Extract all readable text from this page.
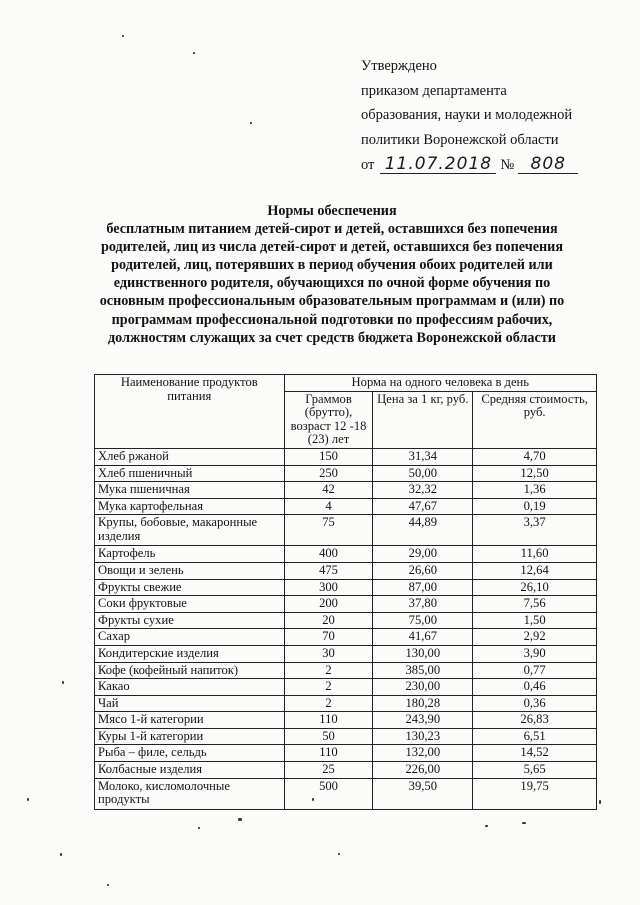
Утверждено
приказом департамента
образования, науки и молодежной
политики Воронежской области
от 11.07.2018 № 808
Нормы обеспечения
бесплатным питанием детей-сирот и детей, оставшихся без попечения
родителей, лиц из числа детей-сирот и детей, оставшихся без попечения
родителей, лиц, потерявших в период обучения обоих родителей или
единственного родителя, обучающихся по очной форме обучения по
основным профессиональным образовательным программам и (или) по
программам профессиональной подготовки по профессиям рабочих,
должностям служащих за счет средств бюджета Воронежской области
Наименование продуктов питания	Норма на одного человека в день		
	Граммов (брутто), возраст 12 -18 (23) лет	Цена за 1 кг, руб.	Средняя стоимость, руб.
Хлеб ржаной	150	31,34	4,70
Хлеб пшеничный	250	50,00	12,50
Мука пшеничная	42	32,32	1,36
Мука картофельная	4	47,67	0,19
Крупы, бобовые, макаронные изделия	75	44,89	3,37
Картофель	400	29,00	11,60
Овощи и зелень	475	26,60	12,64
Фрукты свежие	300	87,00	26,10
Соки фруктовые	200	37,80	7,56
Фрукты сухие	20	75,00	1,50
Сахар	70	41,67	2,92
Кондитерские изделия	30	130,00	3,90
Кофе (кофейный напиток)	2	385,00	0,77
Какао	2	230,00	0,46
Чай	2	180,28	0,36
Мясо 1-й категории	110	243,90	26,83
Куры 1-й категории	50	130,23	6,51
Рыба – филе, сельдь	110	132,00	14,52
Колбасные изделия	25	226,00	5,65
Молоко, кисломолочные продукты	500	39,50	19,75
